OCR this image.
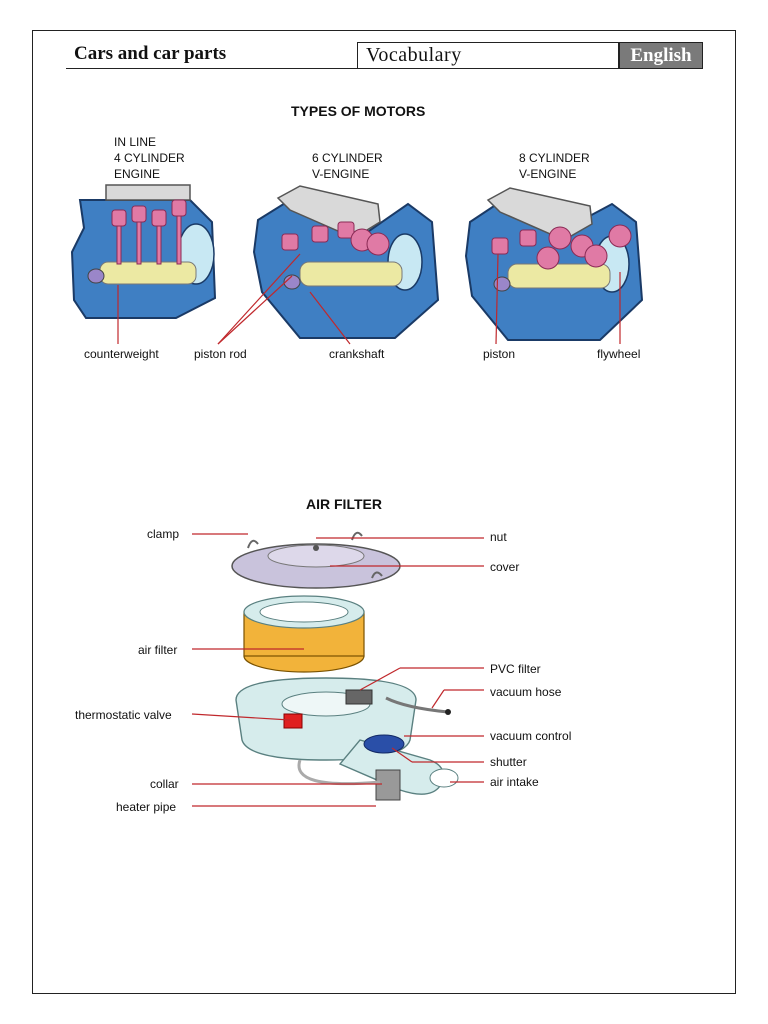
Cars and car parts	Vocabulary	English
TYPES OF MOTORS
IN LINE
4 CYLINDER
ENGINE
6 CYLINDER
V-ENGINE
8 CYLINDER
V-ENGINE
counterweight	piston rod	crankshaft	piston	flywheel
AIR FILTER
clamp	nut
cover
air filter
PVC filter
vacuum hose
thermostatic valve
vacuum control
shutter
collar	air intake
heater pipe
